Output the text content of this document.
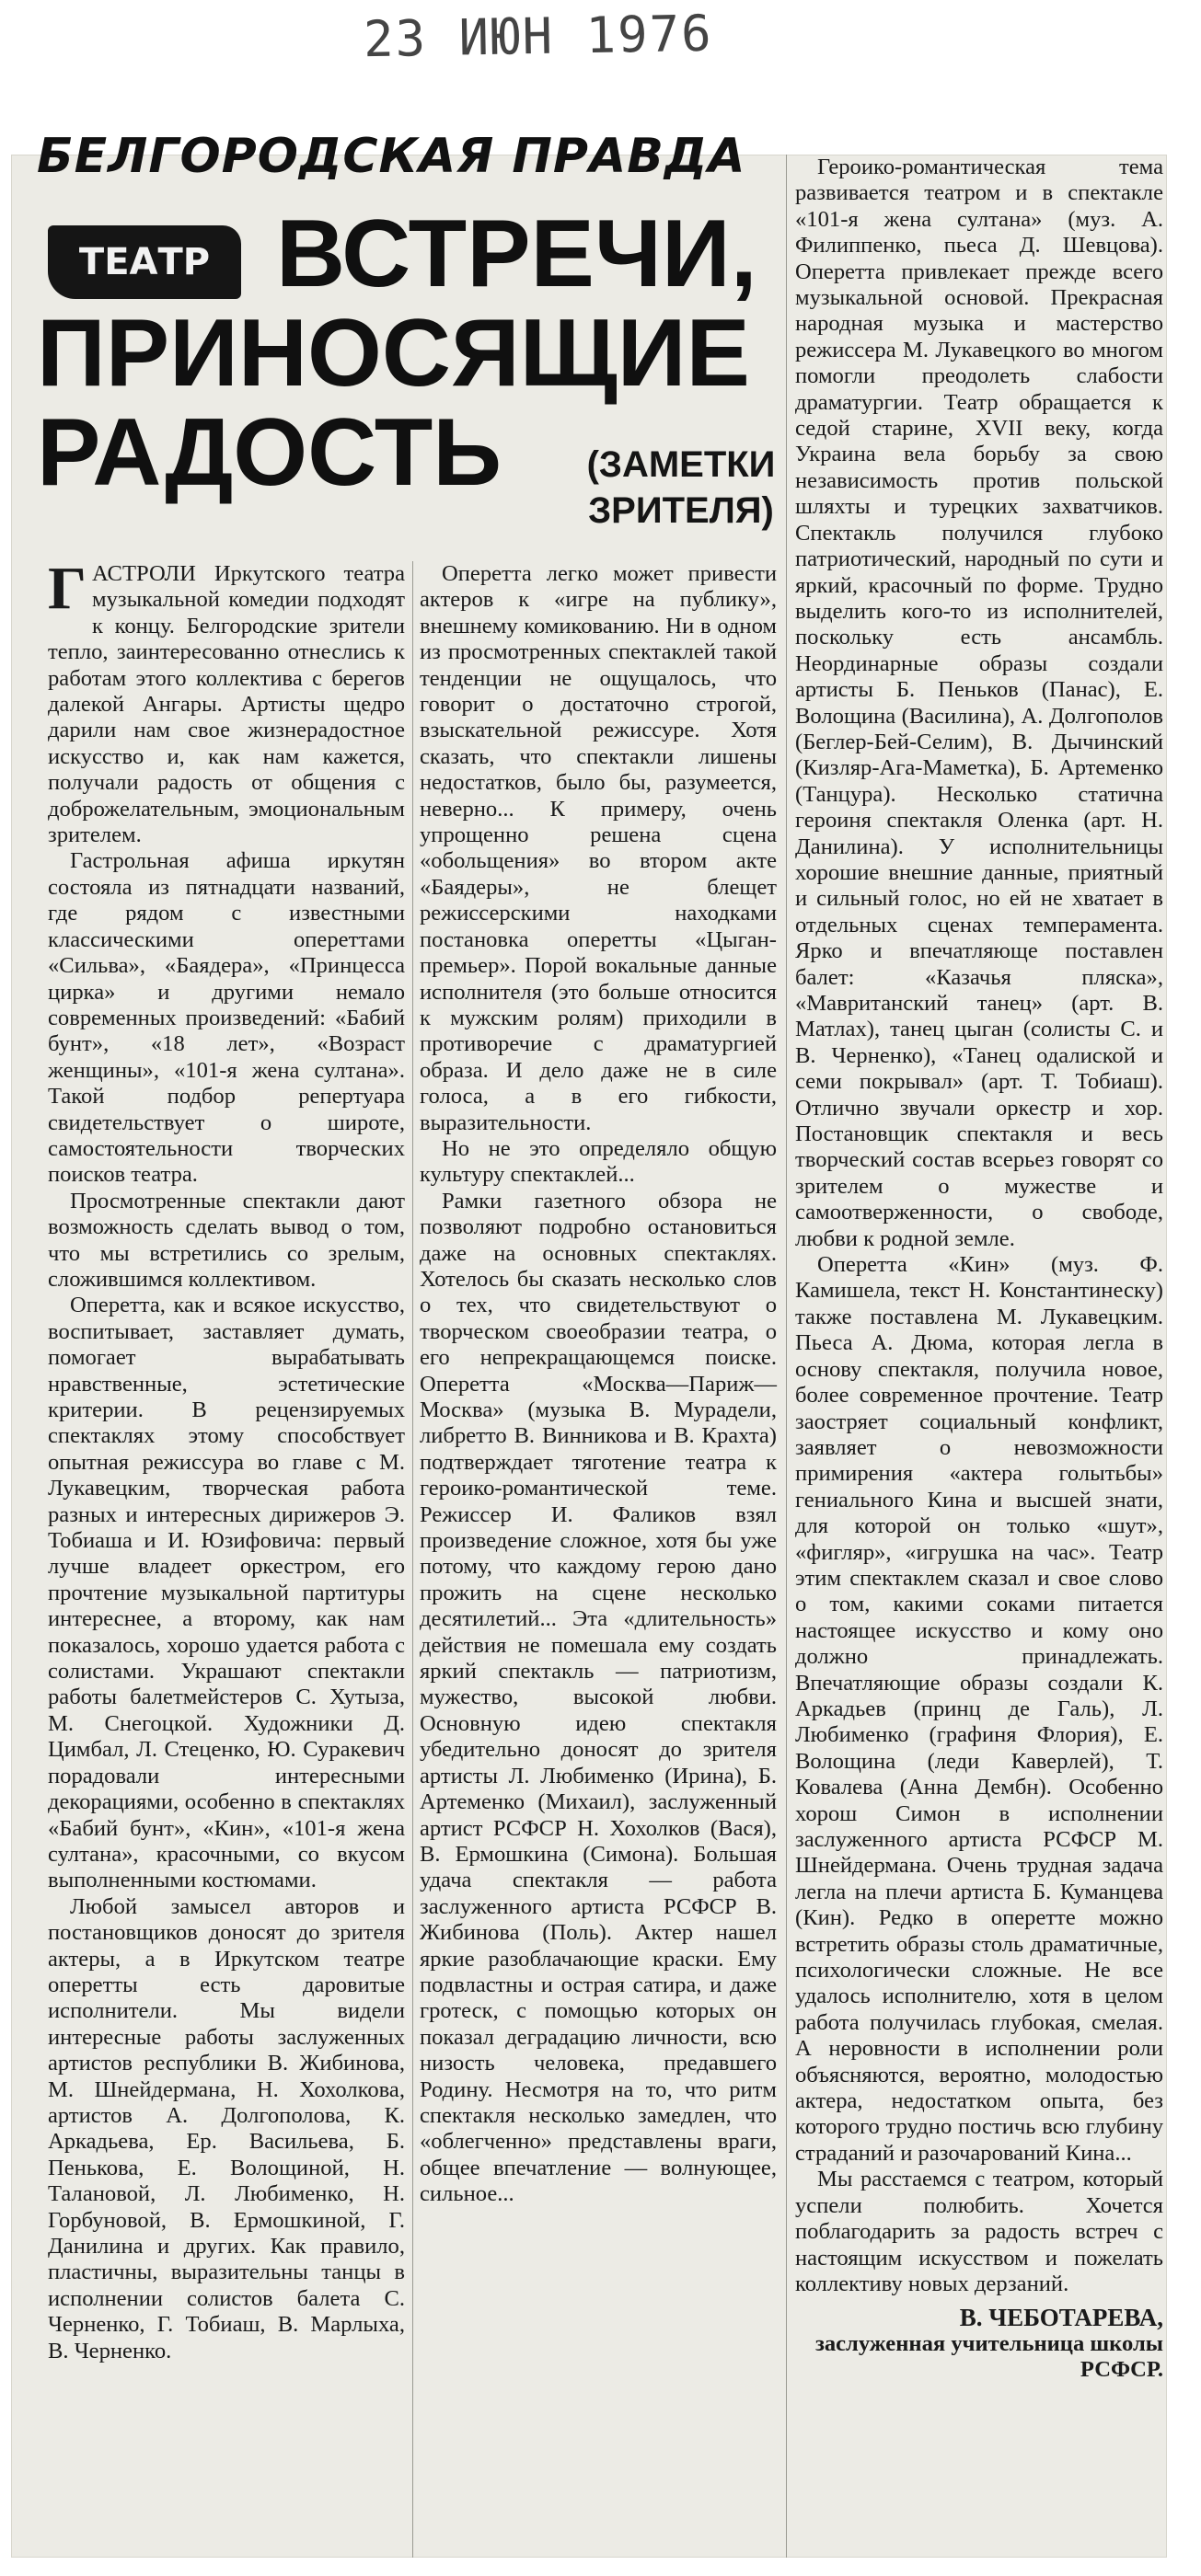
23 ИЮН 1976
БЕЛГОРОДСКАЯ ПРАВДА
ТЕАТР ВСТРЕЧИ,
ПРИНОСЯЩИЕ
РАДОСТЬ	(ЗАМЕТКИ ЗРИТЕЛЯ)

ГАСТРОЛИ Иркутского театра музыкальной комедии подходят к концу. Белгородские зрители тепло, заинтересованно отнеслись к работам этого коллектива с берегов далекой Ангары. Артисты щедро дарили нам свое жизнерадостное искусство и, как нам кажется, получали радость от общения с доброжелательным, эмоциональным зрителем.

Гастрольная афиша иркутян состояла из пятнадцати названий, где рядом с известными классическими опереттами «Сильва», «Баядера», «Принцесса цирка» и другими немало современных произведений: «Бабий бунт», «18 лет», «Возраст женщины», «101-я жена султана». Такой подбор репертуара свидетельствует о широте, самостоятельности творческих поисков театра.

Просмотренные спектакли дают возможность сделать вывод о том, что мы встретились со зрелым, сложившимся коллективом.

Оперетта, как и всякое искусство, воспитывает, заставляет думать, помогает вырабатывать нравственные, эстетические критерии. В рецензируемых спектаклях этому способствует опытная режиссура во главе с М. Лукавецким, творческая работа разных и интересных дирижеров Э. Тобиаша и И. Юзифовича: первый лучше владеет оркестром, его прочтение музыкальной партитуры интереснее, а второму, как нам показалось, хорошо удается работа с солистами. Украшают спектакли работы балетмейстеров С. Хутыза, М. Снегоцкой. Художники Д. Цимбал, Л. Стеценко, Ю. Суракевич порадовали интересными декорациями, особенно в спектаклях «Бабий бунт», «Кин», «101-я жена султана», красочными, со вкусом выполненными костюмами.

Любой замысел авторов и постановщиков доносят до зрителя актеры, а в Иркутском театре оперетты есть даровитые исполнители. Мы видели интересные работы заслуженных артистов республики В. Жибинова, М. Шнейдермана, Н. Хохолкова, артистов А. Долгополова, К. Аркадьева, Ер. Васильева, Б. Пенькова, Е. Волощиной, Н. Талановой, Л. Любименко, Н. Горбуновой, В. Ермошкиной, Г. Данилина и других. Как правило, пластичны, выразительны танцы в исполнении солистов балета С. Черненко, Г. Тобиаш, В. Марлыха, В. Черненко.

Оперетта легко может привести актеров к «игре на публику», внешнему комикованию. Ни в одном из просмотренных спектаклей такой тенденции не ощущалось, что говорит о достаточно строгой, взыскательной режиссуре. Хотя сказать, что спектакли лишены недостатков, было бы, разумеется, неверно... К примеру, очень упрощенно решена сцена «обольщения» во втором акте «Баядеры», не блещет режиссерскими находками постановка оперетты «Цыган-премьер». Порой вокальные данные исполнителя (это больше относится к мужским ролям) приходили в противоречие с драматургией образа. И дело даже не в силе голоса, а в его гибкости, выразительности.

Но не это определяло общую культуру спектаклей...

Рамки газетного обзора не позволяют подробно остановиться даже на основных спектаклях. Хотелось бы сказать несколько слов о тех, что свидетельствуют о творческом своеобразии театра, о его непрекращающемся поиске. Оперетта «Москва—Париж—Москва» (музыка В. Мурадели, либретто В. Винникова и В. Крахта) подтверждает тяготение театра к героико-романтической теме. Режиссер И. Фаликов взял произведение сложное, хотя бы уже потому, что каждому герою дано прожить на сцене несколько десятилетий... Эта «длительность» действия не помешала ему создать яркий спектакль — патриотизм, мужество, высокой любви. Основную идею спектакля убедительно доносят до зрителя артисты Л. Любименко (Ирина), Б. Артеменко (Михаил), заслуженный артист РСФСР Н. Хохолков (Вася), В. Ермошкина (Симона). Большая удача спектакля — работа заслуженного артиста РСФСР В. Жибинова (Поль). Актер нашел яркие разоблачающие краски. Ему подвластны и острая сатира, и даже гротеск, с помощью которых он показал деградацию личности, всю низость человека, предавшего Родину. Несмотря на то, что ритм спектакля несколько замедлен, что «облегченно» представлены враги, общее впечатление — волнующее, сильное...

Героико-романтическая тема развивается театром и в спектакле «101-я жена султана» (муз. А. Филиппенко, пьеса Д. Шевцова). Оперетта привлекает прежде всего музыкальной основой. Прекрасная народная музыка и мастерство режиссера М. Лукавецкого во многом помогли преодолеть слабости драматургии. Театр обращается к седой старине, XVII веку, когда Украина вела борьбу за свою независимость против польской шляхты и турецких захватчиков. Спектакль получился глубоко патриотический, народный по сути и яркий, красочный по форме. Трудно выделить кого-то из исполнителей, поскольку есть ансамбль. Неординарные образы создали артисты Б. Пеньков (Панас), Е. Волощина (Василина), А. Долгополов (Беглер-Бей-Селим), В. Дычинский (Кизляр-Ага-Маметка), Б. Артеменко (Танцура). Несколько статична героиня спектакля Оленка (арт. Н. Данилина). У исполнительницы хорошие внешние данные, приятный и сильный голос, но ей не хватает в отдельных сценах темперамента. Ярко и впечатляюще поставлен балет: «Казачья пляска», «Мавританский танец» (арт. В. Матлах), танец цыган (солисты С. и В. Черненко), «Танец одалиской и семи покрывал» (арт. Т. Тобиаш). Отлично звучали оркестр и хор. Постановщик спектакля и весь творческий состав всерьез говорят со зрителем о мужестве и самоотверженности, о свободе, любви к родной земле.

Оперетта «Кин» (муз. Ф. Камишела, текст Н. Константинеску) также поставлена М. Лукавецким. Пьеса А. Дюма, которая легла в основу спектакля, получила новое, более современное прочтение. Театр заостряет социальный конфликт, заявляет о невозможности примирения «актера голытьбы» гениального Кина и высшей знати, для которой он только «шут», «фигляр», «игрушка на час». Театр этим спектаклем сказал и свое слово о том, какими соками питается настоящее искусство и кому оно должно принадлежать. Впечатляющие образы создали К. Аркадьев (принц де Галь), Л. Любименко (графиня Флория), Е. Волощина (леди Каверлей), Т. Ковалева (Анна Дембн). Особенно хорош Симон в исполнении заслуженного артиста РСФСР М. Шнейдермана. Очень трудная задача легла на плечи артиста Б. Куманцева (Кин). Редко в оперетте можно встретить образы столь драматичные, психологически сложные. Не все удалось исполнителю, хотя в целом работа получилась глубокая, смелая. А неровности в исполнении роли объясняются, вероятно, молодостью актера, недостатком опыта, без которого трудно постичь всю глубину страданий и разочарований Кина...

Мы расстаемся с театром, который успели полюбить. Хочется поблагодарить за радость встреч с настоящим искусством и пожелать коллективу новых дерзаний.

В. ЧЕБОТАРЕВА,
заслуженная учительница школы РСФСР.
